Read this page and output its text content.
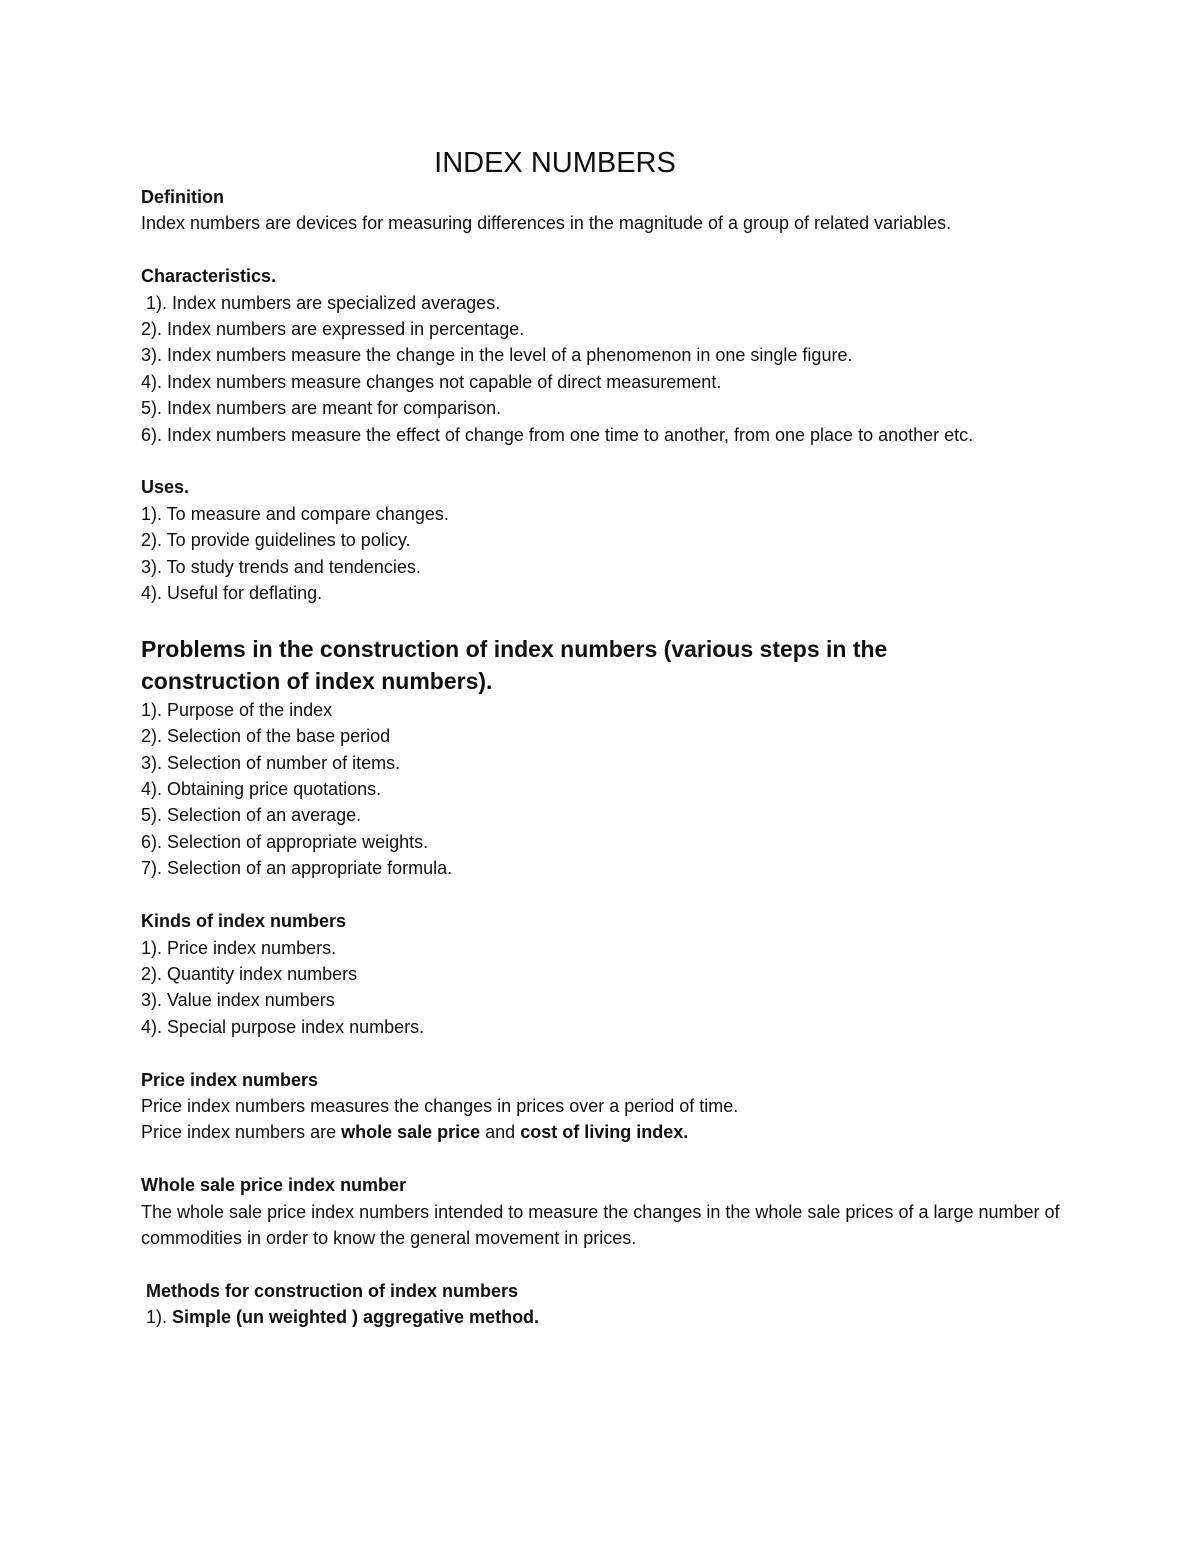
INDEX NUMBERS

Definition

Index numbers are devices for measuring differences in the magnitude of a group of related variables.

Characteristics.

1). Index numbers are specialized averages.

2). Index numbers are expressed in percentage.

3). Index numbers measure the change in the level of a phenomenon in one single figure.

4). Index numbers measure changes not capable of direct measurement.

5). Index numbers are meant for comparison.

6). Index numbers measure the effect of change from one time to another, from one place to another etc.

Uses.

1). To measure and compare changes.

2). To provide guidelines to policy.

3). To study trends and tendencies.

4). Useful for deflating.

Problems in the construction of index numbers (various steps in the

construction of index numbers).

1). Purpose of the index

2). Selection of the base period

3). Selection of number of items.

4). Obtaining price quotations.

5). Selection of an average.

6). Selection of appropriate weights.

7). Selection of an appropriate formula.

Kinds of index numbers

1). Price index numbers.

2). Quantity index numbers

3). Value index numbers

4). Special purpose index numbers.

Price index numbers

Price index numbers measures the changes in prices over a period of time.

Price index numbers are whole sale price and cost of living index.

Whole sale price index number

The whole sale price index numbers intended to measure the changes in the whole sale prices of a large number of commodities in order to know the general movement in prices.

Methods for construction of index numbers

1). Simple (un weighted ) aggregative method.
